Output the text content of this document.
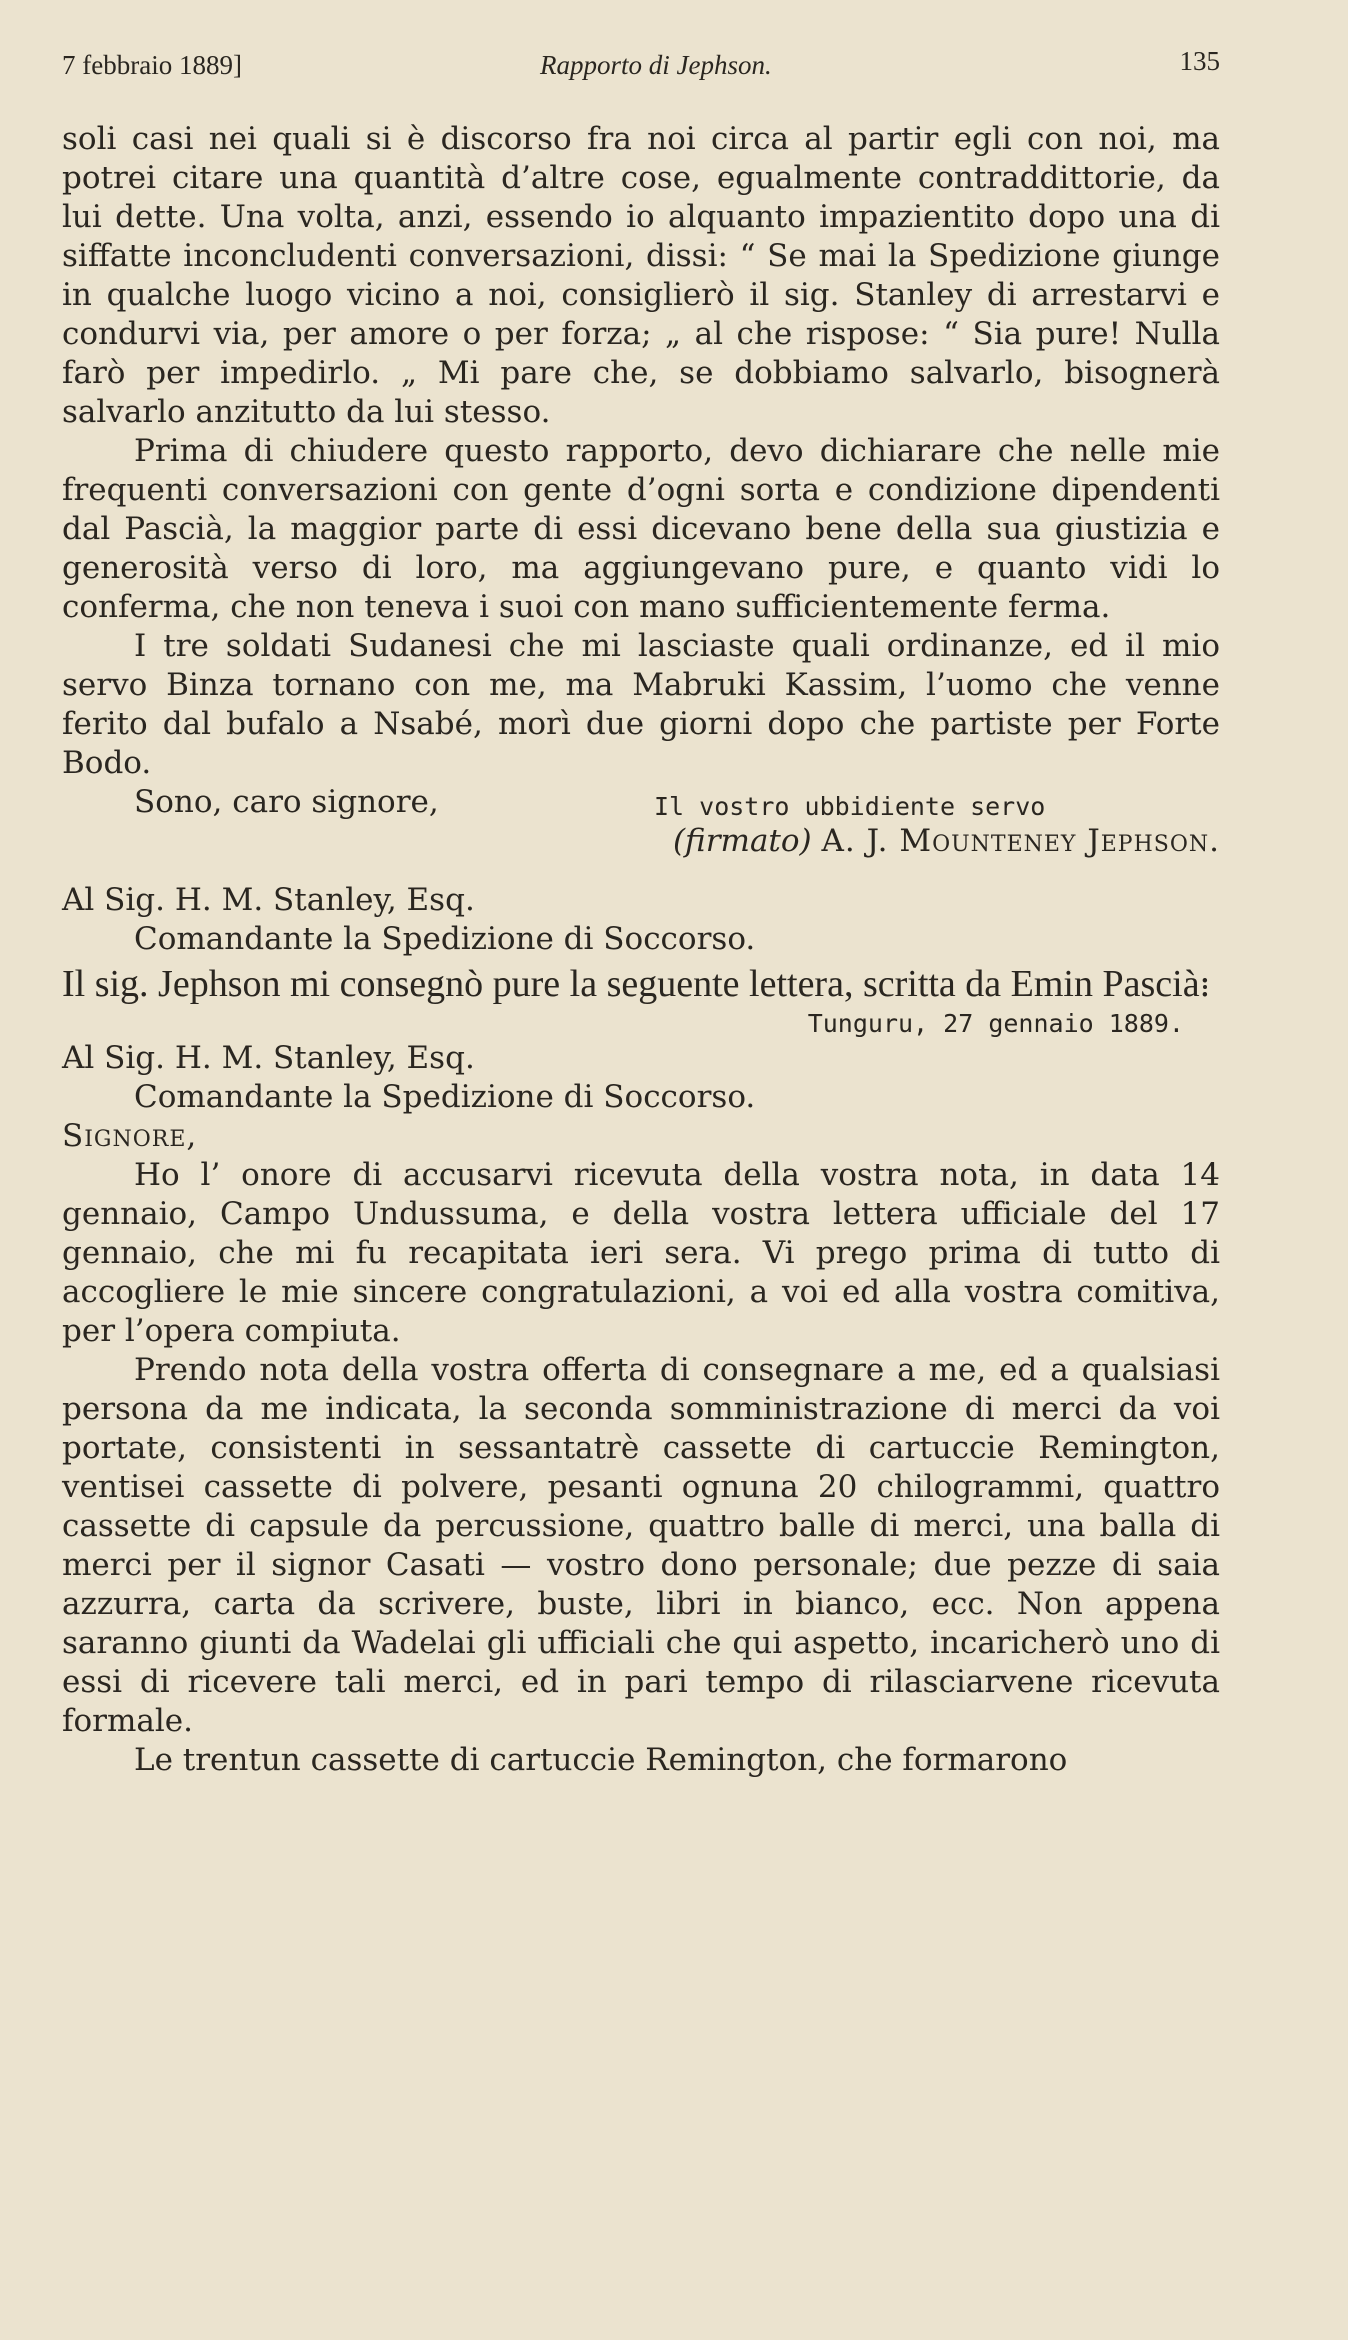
7 febbraio 1889]	Rapporto di Jephson.	135

soli casi nei quali si è discorso fra noi circa al partir egli con noi, ma potrei citare una quantità d’altre cose, egualmente contraddittorie, da lui dette. Una volta, anzi, essendo io alquanto impazientito dopo una di siffatte inconcludenti conversazioni, dissi: “ Se mai la Spedizione giunge in qualche luogo vicino a noi, consiglierò il sig. Stanley di arrestarvi e condurvi via, per amore o per forza; „ al che rispose: “ Sia pure! Nulla farò per impedirlo. „ Mi pare che, se dobbiamo salvarlo, bisognerà salvarlo anzitutto da lui stesso.

Prima di chiudere questo rapporto, devo dichiarare che nelle mie frequenti conversazioni con gente d’ogni sorta e condizione dipendenti dal Pascià, la maggior parte di essi dicevano bene della sua giustizia e generosità verso di loro, ma aggiungevano pure, e quanto vidi lo conferma, che non teneva i suoi con mano sufficientemente ferma.

I tre soldati Sudanesi che mi lasciaste quali ordinanze, ed il mio servo Binza tornano con me, ma Mabruki Kassim, l’uomo che venne ferito dal bufalo a Nsabé, morì due giorni dopo che partiste per Forte Bodo.

Sono, caro signore,	Il vostro ubbidiente servo

(firmato) A. J. Mounteney Jephson.

Al Sig. H. M. Stanley, Esq.

Comandante la Spedizione di Soccorso.

Il sig. Jephson mi consegnò pure la seguente lettera, scritta da Emin Pascià:

Tunguru, 27 gennaio 1889.

Al Sig. H. M. Stanley, Esq.

Comandante la Spedizione di Soccorso.

Signore,

Ho l’ onore di accusarvi ricevuta della vostra nota, in data 14 gennaio, Campo Undussuma, e della vostra lettera ufficiale del 17 gennaio, che mi fu recapitata ieri sera. Vi prego prima di tutto di accogliere le mie sincere congratulazioni, a voi ed alla vostra comitiva, per l’opera compiuta.

Prendo nota della vostra offerta di consegnare a me, ed a qualsiasi persona da me indicata, la seconda somministrazione di merci da voi portate, consistenti in sessantatrè cassette di cartuccie Remington, ventisei cassette di polvere, pesanti ognuna 20 chilogrammi, quattro cassette di capsule da percussione, quattro balle di merci, una balla di merci per il signor Casati — vostro dono personale; due pezze di saia azzurra, carta da scrivere, buste, libri in bianco, ecc. Non appena saranno giunti da Wadelai gli ufficiali che qui aspetto, incaricherò uno di essi di ricevere tali merci, ed in pari tempo di rilasciarvene ricevuta formale.

Le trentun cassette di cartuccie Remington, che formarono
